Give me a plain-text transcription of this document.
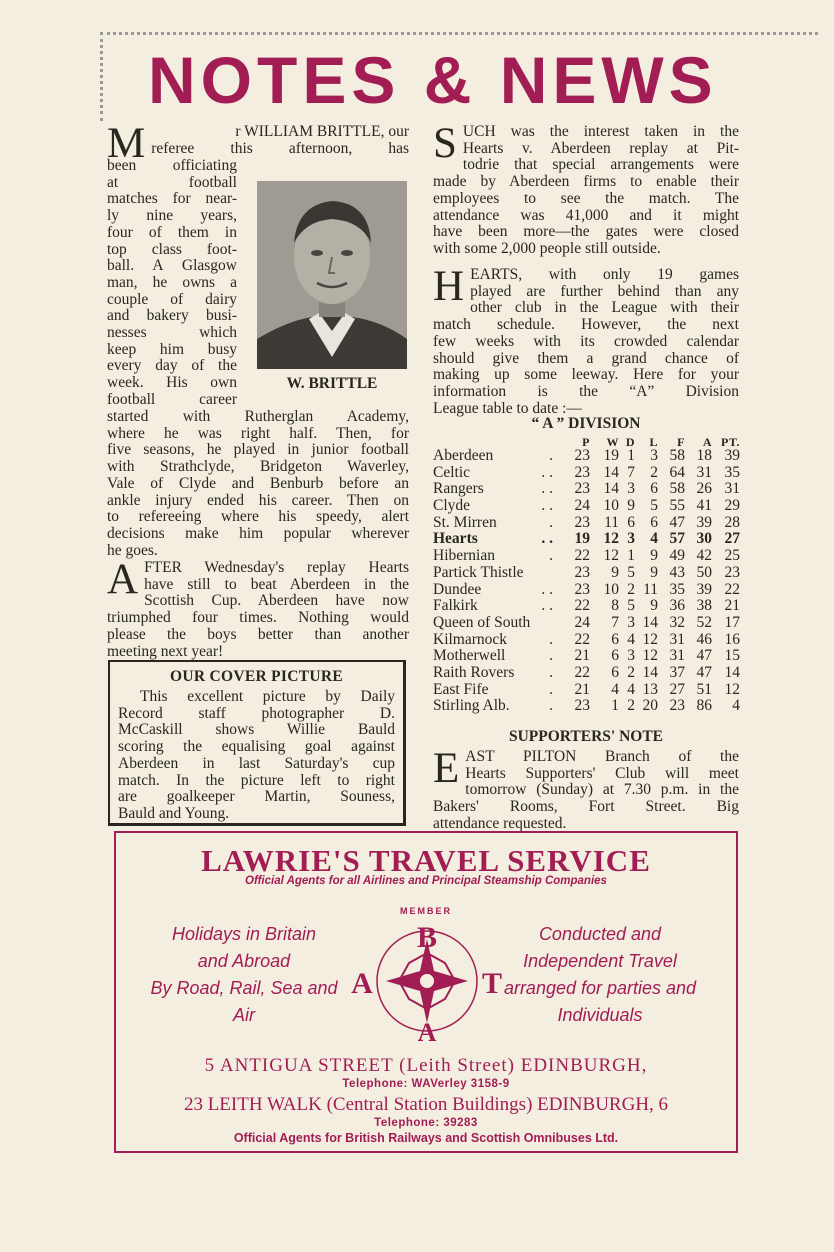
NOTES & NEWS
M	r WILLIAM BRITTLE, our
referee this afternoon, has
been officiating
at football
matches for near-
ly nine years,
four of them in
top class foot-
ball. A Glasgow
man, he owns a
couple of dairy
and bakery busi-
nesses which
keep him busy
every day of the
week. His own
football career
started with Rutherglan Academy,
where he was right half. Then, for
five seasons, he played in junior football
with Strathclyde, Bridgeton Waverley,
Vale of Clyde and Benburb before an
ankle injury ended his career. Then on
to refereeing where his speedy, alert
decisions make him popular wherever
he goes.
W. BRITTLE
A FTER Wednesday's replay Hearts
have still to beat Aberdeen in the
Scottish Cup. Aberdeen have now
triumphed four times. Nothing would
please the boys better than another
meeting next year!
OUR COVER PICTURE
This excellent picture by Daily
Record staff photographer D.
McCaskill shows Willie Bauld
scoring the equalising goal against
Aberdeen in last Saturday's cup
match. In the picture left to right
are goalkeeper Martin, Souness,
Bauld and Young.
S UCH was the interest taken in the
Hearts v. Aberdeen replay at Pit-
todrie that special arrangements were
made by Aberdeen firms to enable their
employees to see the match. The
attendance was 41,000 and it might
have been more—the gates were closed
with some 2,000 people still outside.
H EARTS, with only 19 games
played are further behind than any
other club in the League with their
match schedule. However, the next
few weeks with its crowded calendar
should give them a grand chance of
making up some leeway. Here for your
information is the “A” Division
League table to date :—
“ A ” DIVISION
P W D L F A PT.
Aberdeen	. 23 19 1 3 58 18 39
Celtic	. . 23 14 7 2 64 31 35
Rangers	. . 23 14 3 6 58 26 31
Clyde	. . 24 10 9 5 55 41 29
St. Mirren	. 23 11 6 6 47 39 28
Hearts	. . 19 12 3 4 57 30 27
Hibernian	. 22 12 1 9 49 42 25
Partick Thistle	23 9 5 9 43 50 23
Dundee	. . 23 10 2 11 35 39 22
Falkirk	. . 22 8 5 9 36 38 21
Queen of South	24 7 3 14 32 52 17
Kilmarnock	. 22 6 4 12 31 46 16
Motherwell	. 21 6 3 12 31 47 15
Raith Rovers . 22 6 2 14 37 47 14
East Fife	. 21 4 4 13 27 51 12
Stirling Alb.	. 23 1 2 20 23 86 4
SUPPORTERS' NOTE
E AST PILTON Branch of the
Hearts Supporters' Club will meet
tomorrow (Sunday) at 7.30 p.m. in the
Bakers' Rooms, Fort Street. Big
attendance requested.
LAWRIE'S TRAVEL SERVICE
Official Agents for all Airlines and Principal Steamship Companies
Holidays in Britain
and Abroad
By Road, Rail, Sea and
Air
Conducted and
Independent Travel
arranged for parties and
Individuals
MEMBER
B
A	T
A
5 ANTIGUA STREET (Leith Street) EDINBURGH,
Telephone: WAVerley 3158-9
23 LEITH WALK (Central Station Buildings) EDINBURGH, 6
Telephone: 39283
Official Agents for British Railways and Scottish Omnibuses Ltd.
